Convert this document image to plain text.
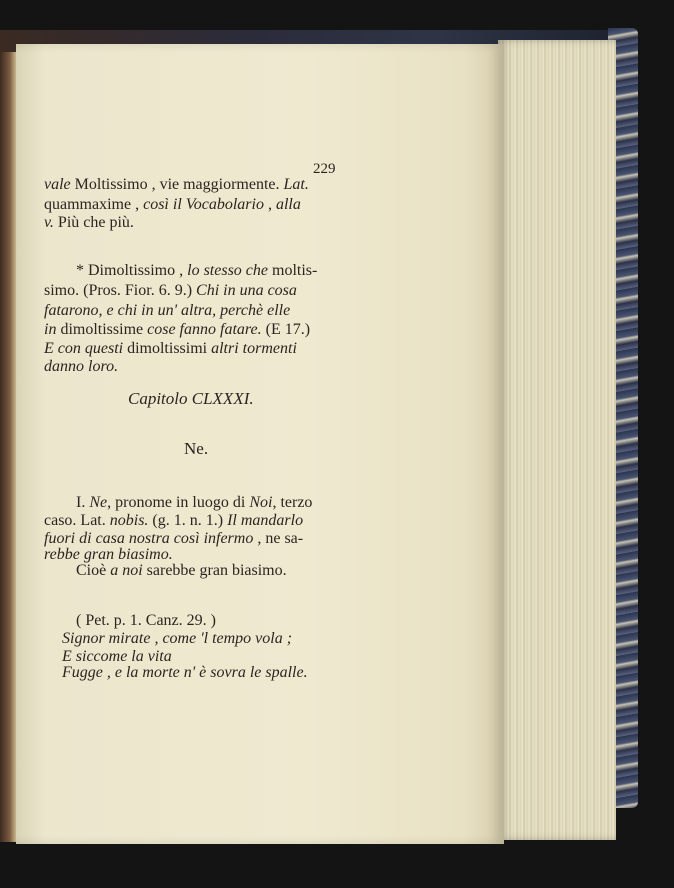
229
vale Moltissimo , vie maggiormente. Lat.
quammaxime , così il Vocabolario , alla
v. Più che più.
* Dimoltissimo , lo stesso che moltis-
simo. (Pros. Fior. 6. 9.) Chi in una cosa
fatarono, e chi in un' altra, perchè elle
in dimoltissime cose fanno fatare. (E 17.)
E con questi dimoltissimi altri tormenti
danno loro.
Capitolo CLXXXI.
Ne.
I. Ne, pronome in luogo di Noi, terzo
caso. Lat. nobis. (g. 1. n. 1.) Il mandarlo
fuori di casa nostra così infermo , ne sa-
rebbe gran biasimo.
Cioè a noi sarebbe gran biasimo.
( Pet. p. 1. Canz. 29. )
Signor mirate , come 'l tempo vola ;
E siccome la vita
Fugge , e la morte n' è sovra le spalle.
